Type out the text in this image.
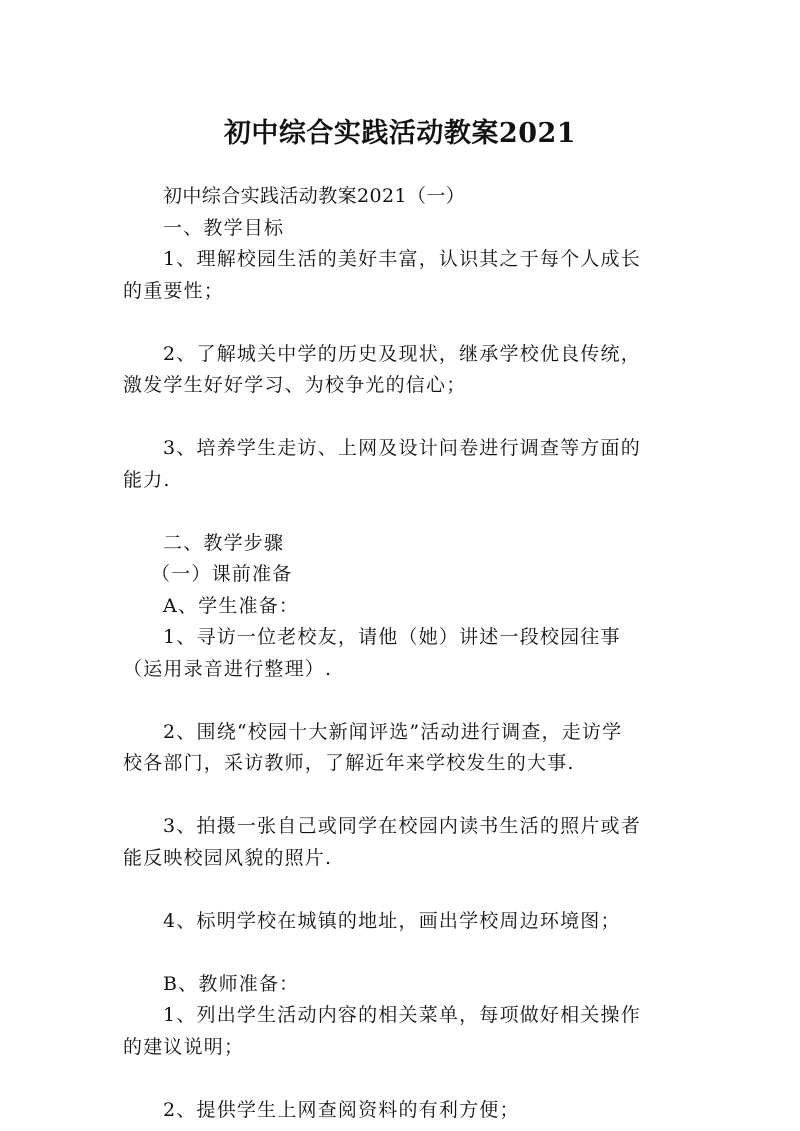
初中综合实践活动教案2021
初中综合实践活动教案2021（一）
一、教学目标
1、理解校园生活的美好丰富，认识其之于每个人成长
的重要性；
2、了解城关中学的历史及现状，继承学校优良传统，
激发学生好好学习、为校争光的信心；
3、培养学生走访、上网及设计问卷进行调查等方面的
能力.
二、教学步骤
（一）课前准备
A、学生准备：
1、寻访一位老校友，请他（她）讲述一段校园往事
（运用录音进行整理）.
2、围绕“校园十大新闻评选”活动进行调查，走访学
校各部门，采访教师，了解近年来学校发生的大事.
3、拍摄一张自己或同学在校园内读书生活的照片或者
能反映校园风貌的照片.
4、标明学校在城镇的地址，画出学校周边环境图；
B、教师准备：
1、列出学生活动内容的相关菜单，每项做好相关操作
的建议说明；
2、提供学生上网查阅资料的有利方便；
